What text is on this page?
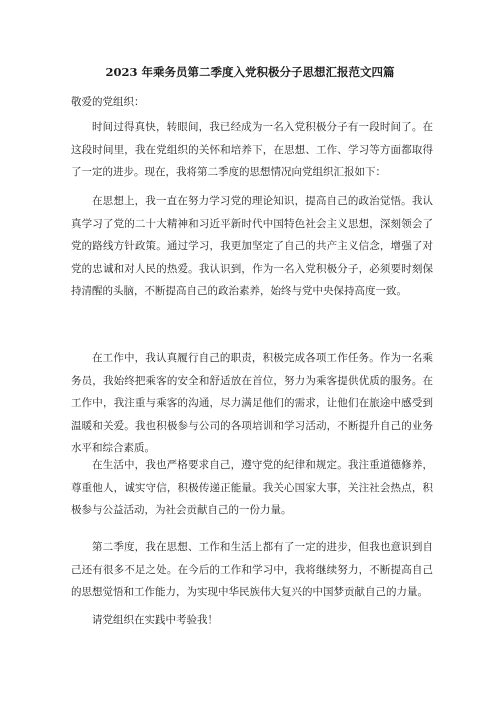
2023 年乘务员第二季度入党积极分子思想汇报范文四篇
敬爱的党组织：

时间过得真快，转眼间，我已经成为一名入党积极分子有一段时间了。在这段时间里，我在党组织的关怀和培养下，在思想、工作、学习等方面都取得了一定的进步。现在，我将第二季度的思想情况向党组织汇报如下：

在思想上，我一直在努力学习党的理论知识，提高自己的政治觉悟。我认真学习了党的二十大精神和习近平新时代中国特色社会主义思想，深刻领会了党的路线方针政策。通过学习，我更加坚定了自己的共产主义信念，增强了对党的忠诚和对人民的热爱。我认识到，作为一名入党积极分子，必须要时刻保持清醒的头脑，不断提高自己的政治素养，始终与党中央保持高度一致。

在工作中，我认真履行自己的职责，积极完成各项工作任务。作为一名乘务员，我始终把乘客的安全和舒适放在首位，努力为乘客提供优质的服务。在工作中，我注重与乘客的沟通，尽力满足他们的需求，让他们在旅途中感受到温暖和关爱。我也积极参与公司的各项培训和学习活动，不断提升自己的业务水平和综合素质。

在生活中，我也严格要求自己，遵守党的纪律和规定。我注重道德修养，尊重他人，诚实守信，积极传递正能量。我关心国家大事，关注社会热点，积极参与公益活动，为社会贡献自己的一份力量。

第二季度，我在思想、工作和生活上都有了一定的进步，但我也意识到自己还有很多不足之处。在今后的工作和学习中，我将继续努力，不断提高自己的思想觉悟和工作能力，为实现中华民族伟大复兴的中国梦贡献自己的力量。

请党组织在实践中考验我！
